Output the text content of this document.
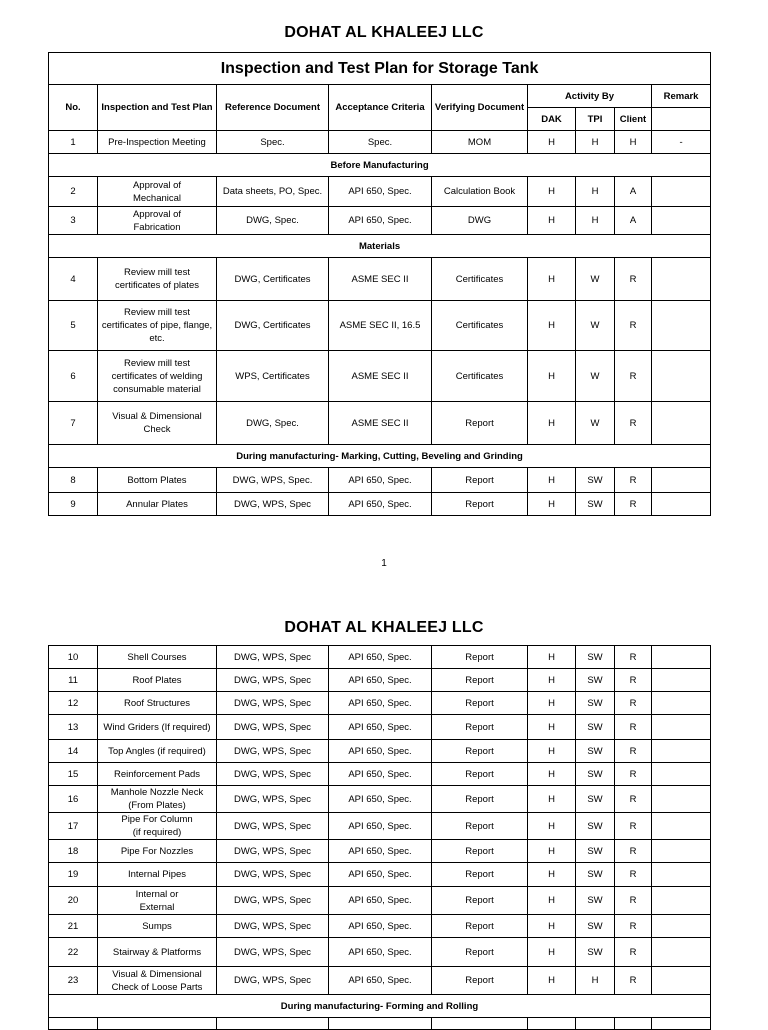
DOHAT AL KHALEEJ LLC
Inspection and Test Plan for Storage Tank								
No.	Inspection and Test Plan	Reference Document	Acceptance Criteria	Verifying Document	Activity By			Remark
					DAK	TPI	Client	
1	Pre-Inspection Meeting	Spec.	Spec.	MOM	H	H	H	-
Before Manufacturing								
2	Approval of
Mechanical	Data sheets, PO, Spec.	API 650, Spec.	Calculation Book	H	H	A	
3	Approval of
Fabrication	DWG, Spec.	API 650, Spec.	DWG	H	H	A	
Materials								
4	Review mill test
certificates of plates	DWG, Certificates	ASME SEC II	Certificates	H	W	R	
5	Review mill test
certificates of pipe, flange,
etc.	DWG, Certificates	ASME SEC II, 16.5	Certificates	H	W	R	
6	Review mill test
certificates of welding
consumable material	WPS, Certificates	ASME SEC II	Certificates	H	W	R	
7	Visual & Dimensional
Check	DWG, Spec.	ASME SEC II	Report	H	W	R	
During manufacturing- Marking, Cutting, Beveling and Grinding								
8	Bottom Plates	DWG, WPS, Spec.	API 650, Spec.	Report	H	SW	R	
9	Annular Plates	DWG, WPS, Spec	API 650, Spec.	Report	H	SW	R	
1
DOHAT AL KHALEEJ LLC
10	Shell Courses	DWG, WPS, Spec	API 650, Spec.	Report	H	SW	R	
11	Roof Plates	DWG, WPS, Spec	API 650, Spec.	Report	H	SW	R	
12	Roof Structures	DWG, WPS, Spec	API 650, Spec.	Report	H	SW	R	
13	Wind Griders (If required)	DWG, WPS, Spec	API 650, Spec.	Report	H	SW	R	
14	Top Angles (if required)	DWG, WPS, Spec	API 650, Spec.	Report	H	SW	R	
15	Reinforcement Pads	DWG, WPS, Spec	API 650, Spec.	Report	H	SW	R	
16	Manhole Nozzle Neck
(From Plates)	DWG, WPS, Spec	API 650, Spec.	Report	H	SW	R	
17	Pipe For Column
(if required)	DWG, WPS, Spec	API 650, Spec.	Report	H	SW	R	
18	Pipe For Nozzles	DWG, WPS, Spec	API 650, Spec.	Report	H	SW	R	
19	Internal Pipes	DWG, WPS, Spec	API 650, Spec.	Report	H	SW	R	
20	Internal or
External	DWG, WPS, Spec	API 650, Spec.	Report	H	SW	R	
21	Sumps	DWG, WPS, Spec	API 650, Spec.	Report	H	SW	R	
22	Stairway & Platforms	DWG, WPS, Spec	API 650, Spec.	Report	H	SW	R	
23	Visual & Dimensional
Check of Loose Parts	DWG, WPS, Spec	API 650, Spec.	Report	H	H	R	
During manufacturing- Forming and Rolling								
